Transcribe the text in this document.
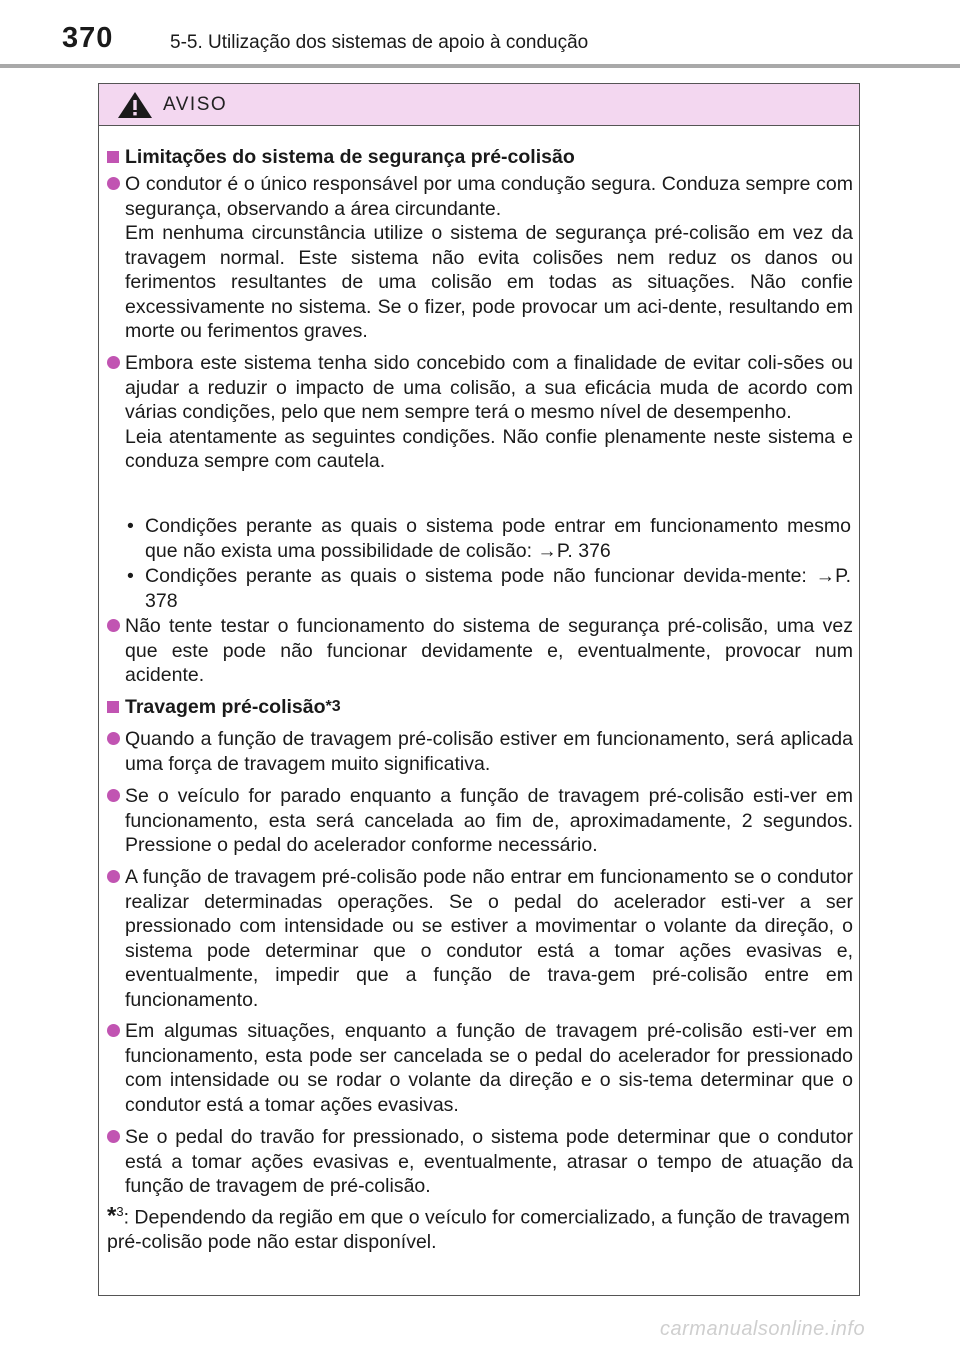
370	5-5. Utilização dos sistemas de apoio à condução
AVISO
Limitações do sistema de segurança pré-colisão

O condutor é o único responsável por uma condução segura. Conduza sempre com segurança, observando a área circundante.

Em nenhuma circunstância utilize o sistema de segurança pré-colisão em vez da travagem normal. Este sistema não evita colisões nem reduz os danos ou ferimentos resultantes de uma colisão em todas as situações. Não confie excessivamente no sistema. Se o fizer, pode provocar um aci-dente, resultando em morte ou ferimentos graves.

Embora este sistema tenha sido concebido com a finalidade de evitar coli-sões ou ajudar a reduzir o impacto de uma colisão, a sua eficácia muda de acordo com várias condições, pelo que nem sempre terá o mesmo nível de desempenho.

Leia atentamente as seguintes condições. Não confie plenamente neste sistema e conduza sempre com cautela.

• Condições perante as quais o sistema pode entrar em funcionamento mesmo que não exista uma possibilidade de colisão: →P. 376
• Condições perante as quais o sistema pode não funcionar devida-mente: →P. 378

Não tente testar o funcionamento do sistema de segurança pré-colisão, uma vez que este pode não funcionar devidamente e, eventualmente, provocar num acidente.

Travagem pré-colisão *3

Quando a função de travagem pré-colisão estiver em funcionamento, será aplicada uma força de travagem muito significativa.

Se o veículo for parado enquanto a função de travagem pré-colisão esti-ver em funcionamento, esta será cancelada ao fim de, aproximadamente, 2 segundos. Pressione o pedal do acelerador conforme necessário.

A função de travagem pré-colisão pode não entrar em funcionamento se o condutor realizar determinadas operações. Se o pedal do acelerador esti-ver a ser pressionado com intensidade ou se estiver a movimentar o volante da direção, o sistema pode determinar que o condutor está a tomar ações evasivas e, eventualmente, impedir que a função de trava-gem pré-colisão entre em funcionamento.

Em algumas situações, enquanto a função de travagem pré-colisão esti-ver em funcionamento, esta pode ser cancelada se o pedal do acelerador for pressionado com intensidade ou se rodar o volante da direção e o sis-tema determinar que o condutor está a tomar ações evasivas.

Se o pedal do travão for pressionado, o sistema pode determinar que o condutor está a tomar ações evasivas e, eventualmente, atrasar o tempo de atuação da função de travagem de pré-colisão.

*$^3$: Dependendo da região em que o veículo for comercializado, a função de travagem pré-colisão pode não estar disponível.
carmanualsonline.info
